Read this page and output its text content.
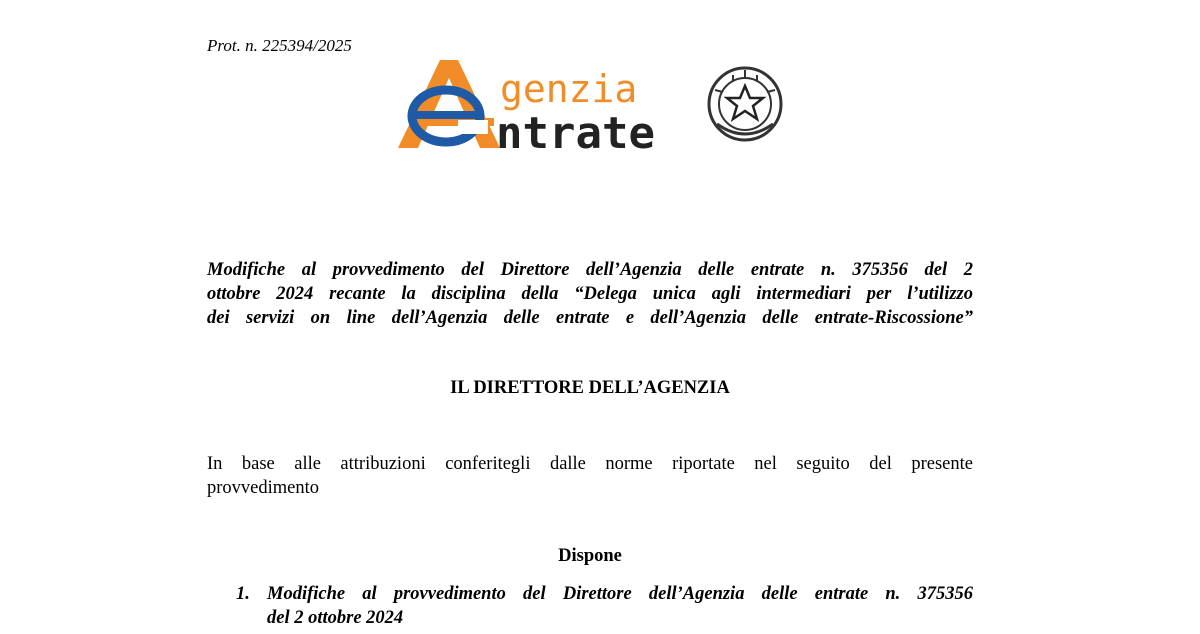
Prot. n. 225394/2025
genzia
ntrate
Modifiche al provvedimento del Direttore dell’Agenzia delle entrate n. 375356 del 2
ottobre 2024 recante la disciplina della “Delega unica agli intermediari per l’utilizzo
dei servizi on line dell’Agenzia delle entrate e dell’Agenzia delle entrate-Riscossione”
IL DIRETTORE DELL’AGENZIA
In base alle attribuzioni conferitegli dalle norme riportate nel seguito del presente
provvedimento
Dispone
1. Modifiche al provvedimento del Direttore dell’Agenzia delle entrate n. 375356
del 2 ottobre 2024
